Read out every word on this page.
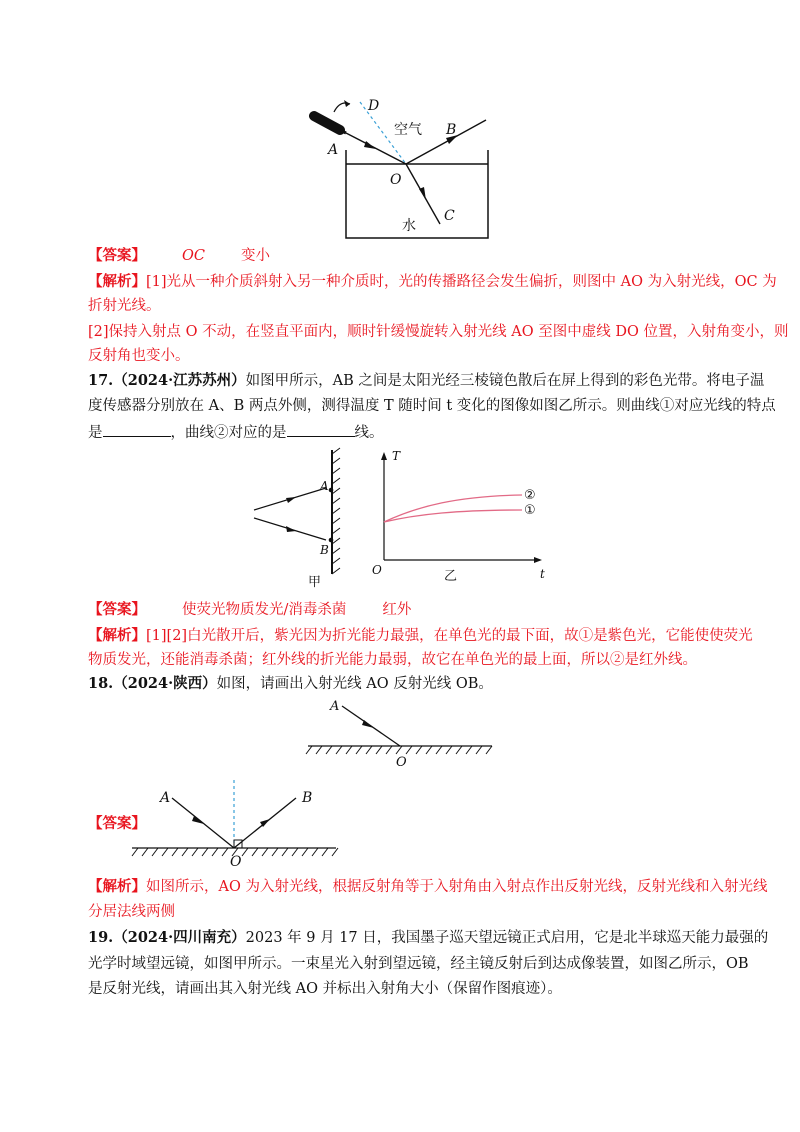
D
空气 B
A
O
水
C
【答案】 OC 变小
【解析】[1]光从一种介质斜射入另一种介质时，光的传播路径会发生偏折，则图中 AO 为入射光线，OC 为
折射光线。
[2]保持入射点 O 不动，在竖直平面内，顺时针缓慢旋转入射光线 AO 至图中虚线 DO 位置，入射角变小，则
反射角也变小。
17.（2024·江苏苏州）如图甲所示，AB 之间是太阳光经三棱镜色散后在屏上得到的彩色光带。将电子温
度传感器分别放在 A、B 两点外侧，测得温度 T 随时间 t 变化的图像如图乙所示。则曲线①对应光线的特点
是	，曲线②对应的是	线。
A
B
甲
T
O	乙	t
②
①
【答案】 使荧光物质发光/消毒杀菌 红外
【解析】[1][2]白光散开后，紫光因为折光能力最强，在单色光的最下面，故①是紫色光，它能使使荧光
物质发光，还能消毒杀菌；红外线的折光能力最弱，故它在单色光的最上面，所以②是红外线。
18.（2024·陕西）如图，请画出入射光线 AO 反射光线 OB。
A
O
【答案】
A	B
O
【解析】如图所示，AO 为入射光线，根据反射角等于入射角由入射点作出反射光线，反射光线和入射光线
分居法线两侧
19.（2024·四川南充）2023 年 9 月 17 日，我国墨子巡天望远镜正式启用，它是北半球巡天能力最强的
光学时域望远镜，如图甲所示。一束星光入射到望远镜，经主镜反射后到达成像装置，如图乙所示，OB
是反射光线，请画出其入射光线 AO 并标出入射角大小（保留作图痕迹）。
